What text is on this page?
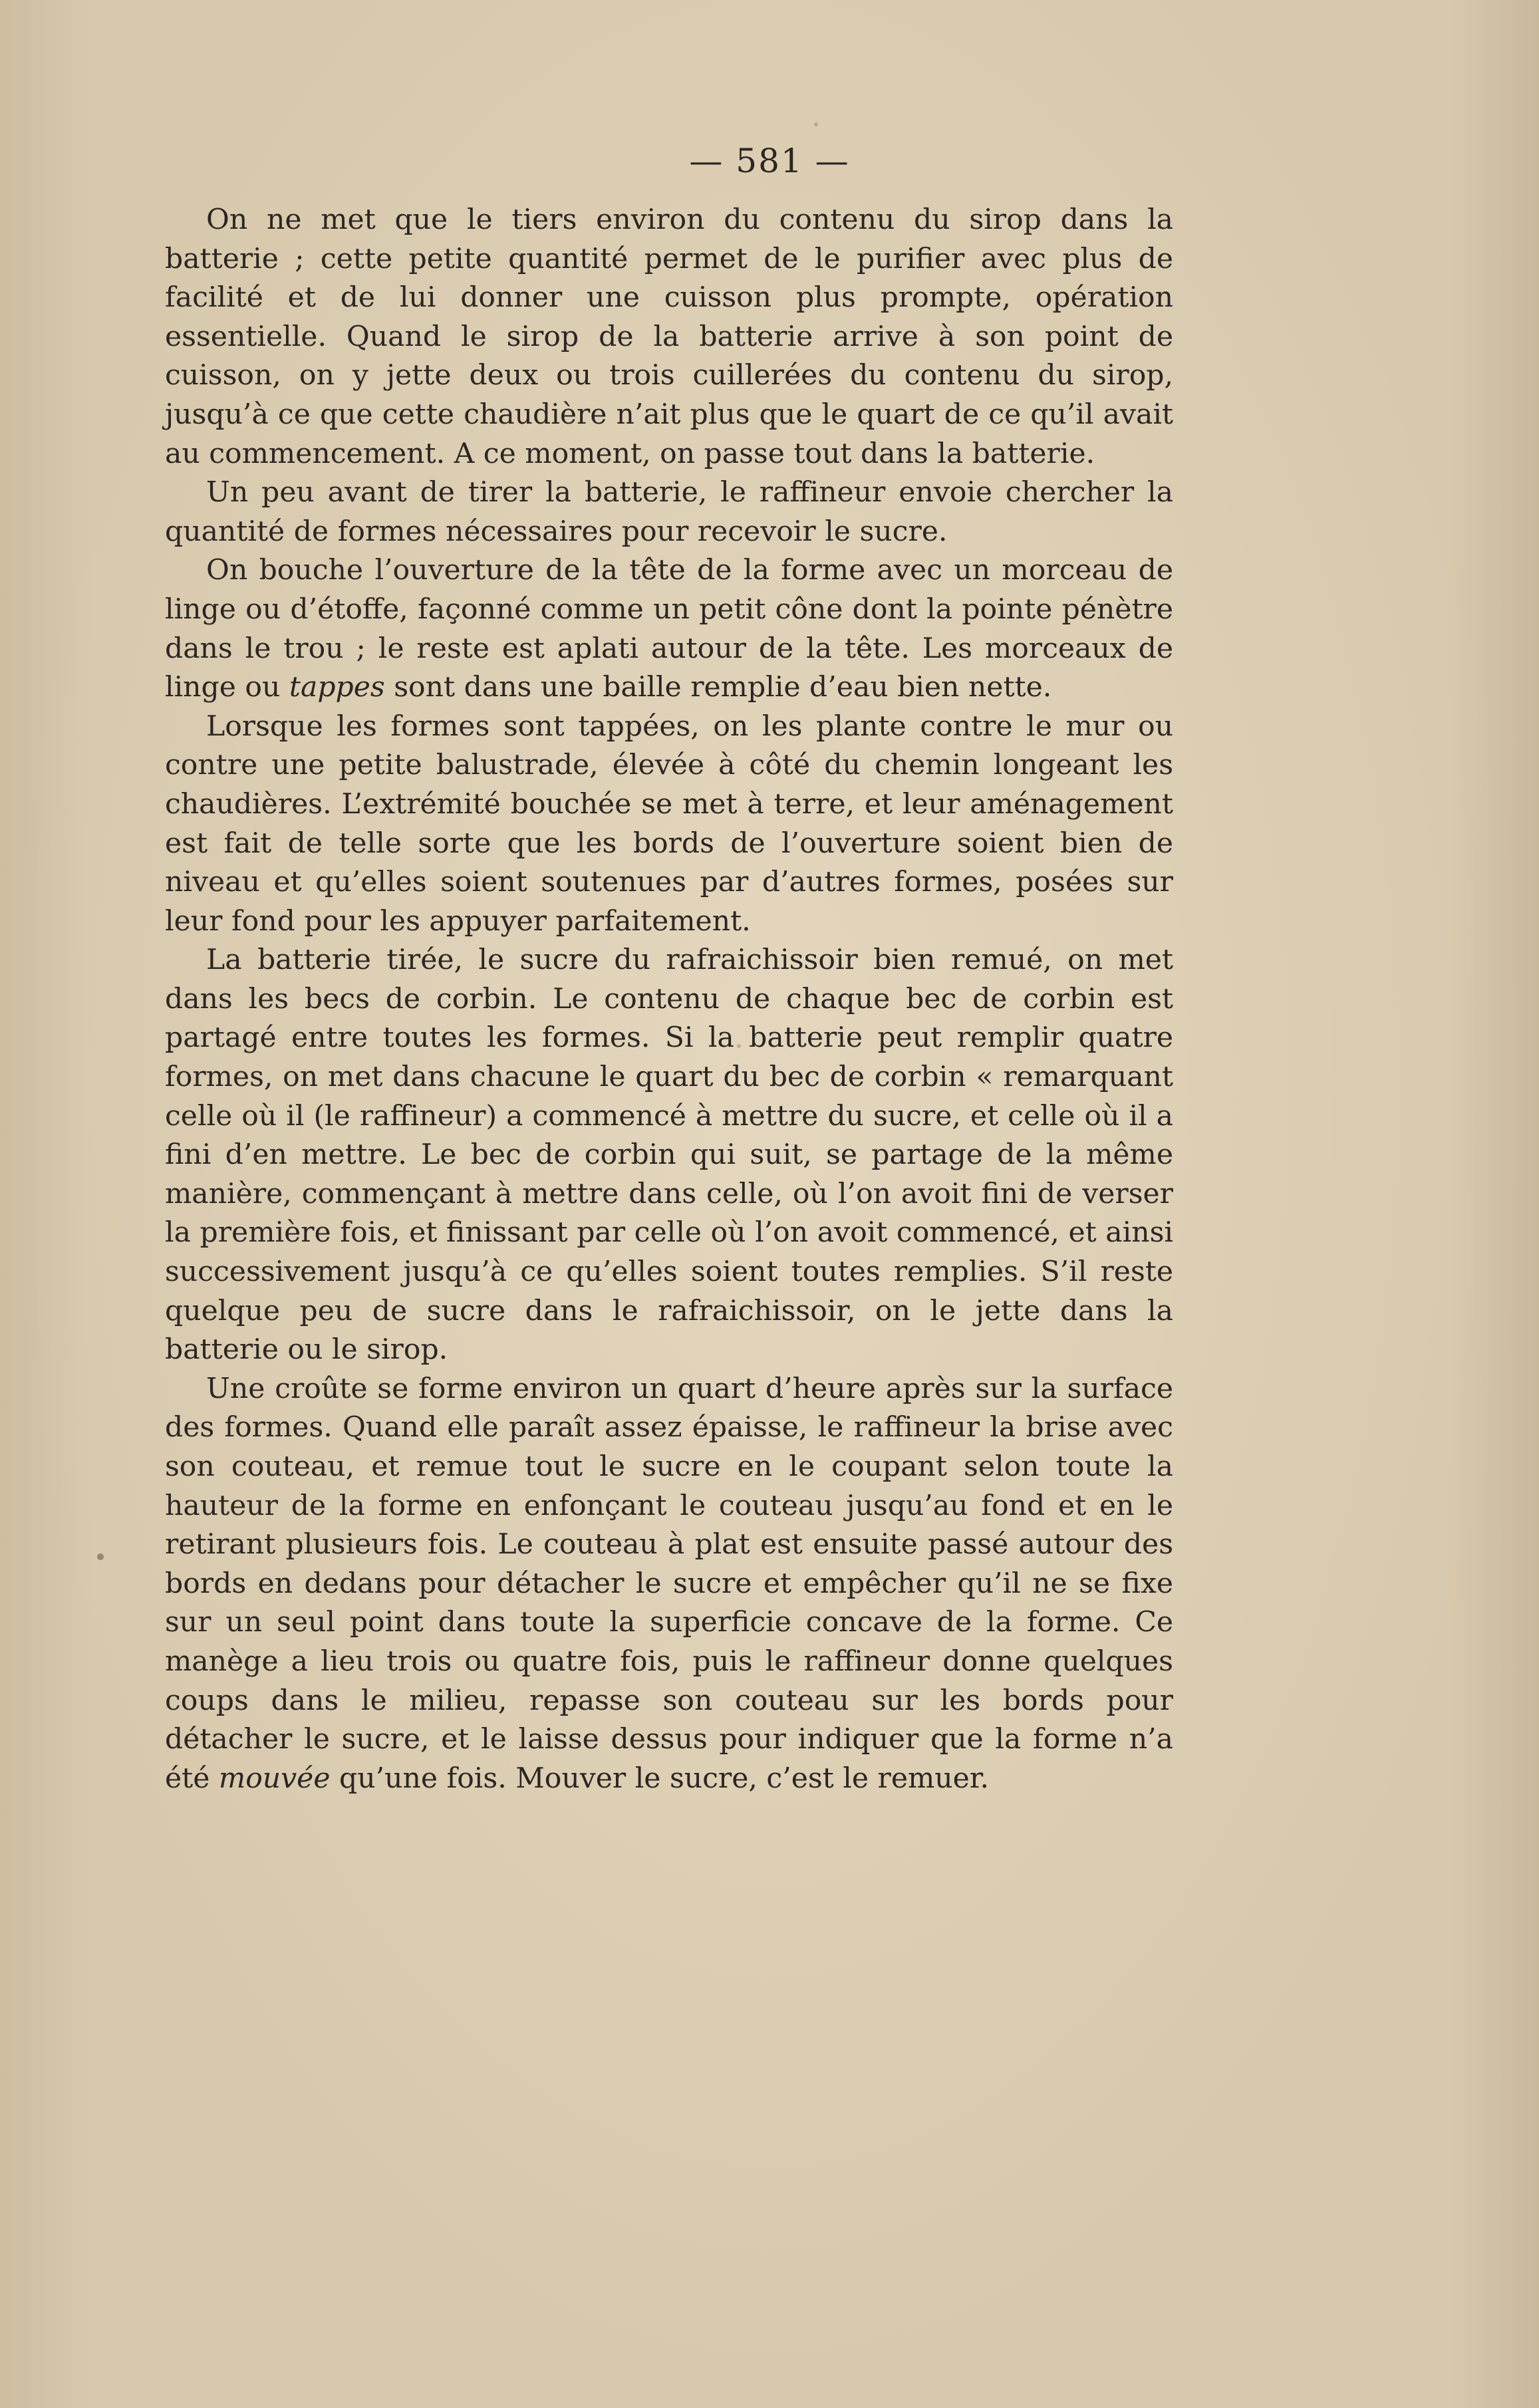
— 581 —

On ne met que le tiers environ du contenu du sirop dans la batterie ; cette petite quantité permet de le purifier avec plus de facilité et de lui donner une cuisson plus prompte, opération essentielle. Quand le sirop de la batterie arrive à son point de cuisson, on y jette deux ou trois cuillerées du contenu du sirop, jusqu’à ce que cette chaudière n’ait plus que le quart de ce qu’il avait au commencement. A ce moment, on passe tout dans la batterie.

Un peu avant de tirer la batterie, le raffineur envoie chercher la quantité de formes nécessaires pour recevoir le sucre.

On bouche l’ouverture de la tête de la forme avec un morceau de linge ou d’étoffe, façonné comme un petit cône dont la pointe pénètre dans le trou ; le reste est aplati autour de la tête. Les morceaux de linge ou tappes sont dans une baille remplie d’eau bien nette.

Lorsque les formes sont tappées, on les plante contre le mur ou contre une petite balustrade, élevée à côté du chemin longeant les chaudières. L’extrémité bouchée se met à terre, et leur aménagement est fait de telle sorte que les bords de l’ouverture soient bien de niveau et qu’elles soient soutenues par d’autres formes, posées sur leur fond pour les appuyer parfaitement.

La batterie tirée, le sucre du rafraichissoir bien remué, on met dans les becs de corbin. Le contenu de chaque bec de corbin est partagé entre toutes les formes. Si la batterie peut remplir quatre formes, on met dans chacune le quart du bec de corbin « remarquant celle où il (le raffineur) a commencé à mettre du sucre, et celle où il a fini d’en mettre. Le bec de corbin qui suit, se partage de la même manière, commençant à mettre dans celle, où l’on avoit fini de verser la première fois, et finissant par celle où l’on avoit commencé, et ainsi successivement jusqu’à ce qu’elles soient toutes remplies. S’il reste quelque peu de sucre dans le rafraichissoir, on le jette dans la batterie ou le sirop.

Une croûte se forme environ un quart d’heure après sur la surface des formes. Quand elle paraît assez épaisse, le raffineur la brise avec son couteau, et remue tout le sucre en le coupant selon toute la hauteur de la forme en enfonçant le couteau jusqu’au fond et en le retirant plusieurs fois. Le couteau à plat est ensuite passé autour des bords en dedans pour détacher le sucre et empêcher qu’il ne se fixe sur un seul point dans toute la superficie concave de la forme. Ce manège a lieu trois ou quatre fois, puis le raffineur donne quelques coups dans le milieu, repasse son couteau sur les bords pour détacher le sucre, et le laisse dessus pour indiquer que la forme n’a été mouvée qu’une fois. Mouver le sucre, c’est le remuer.
